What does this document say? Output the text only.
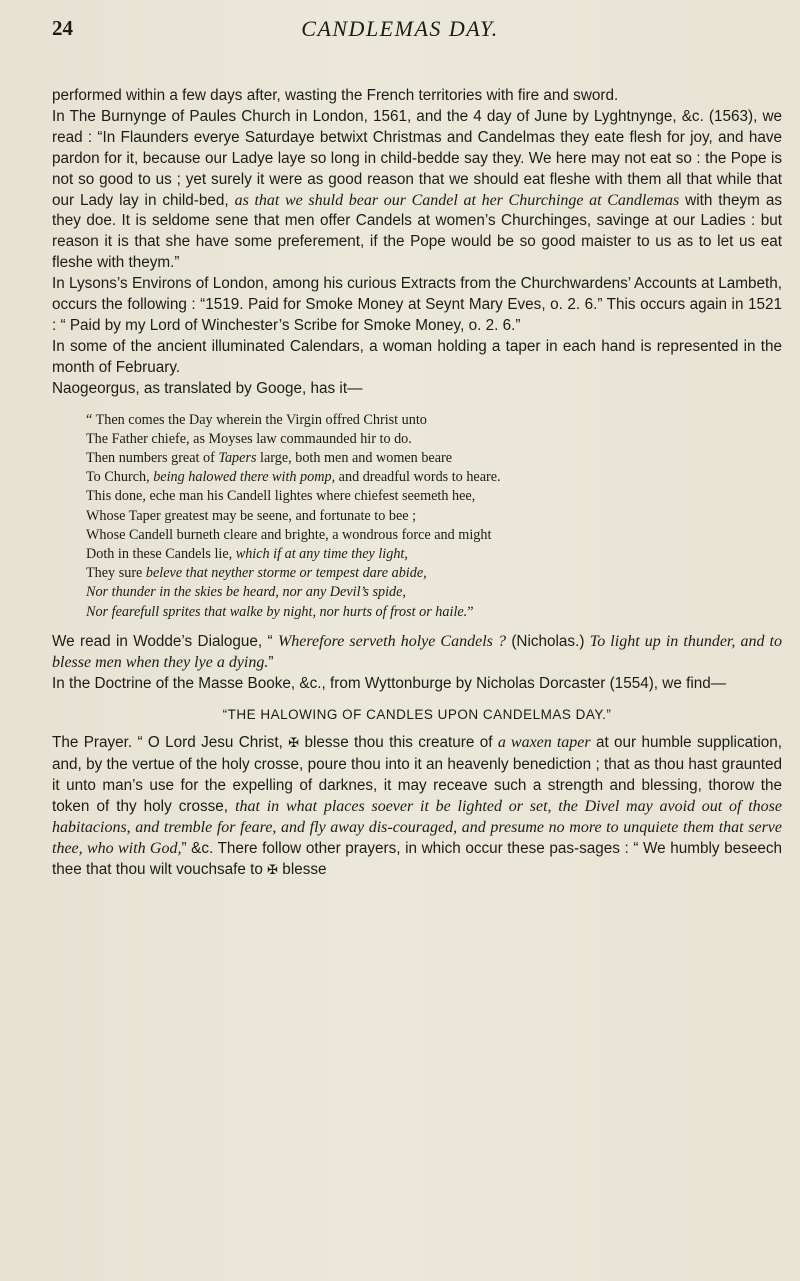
24	CANDLEMAS DAY.

performed within a few days after, wasting the French territories with fire and sword.

In The Burnynge of Paules Church in London, 1561, and the 4 day of June by Lyghtnynge, &c. (1563), we read : “In Flaunders everye Saturdaye betwixt Christmas and Candelmas they eate flesh for joy, and have pardon for it, because our Ladye laye so long in child-bedde say they. We here may not eat so : the Pope is not so good to us ; yet surely it were as good reason that we should eat fleshe with them all that while that our Lady lay in child-bed, as that we shuld bear our Candel at her Churchinge at Candlemas with theym as they doe. It is seldome sene that men offer Candels at women’s Churchinges, savinge at our Ladies : but reason it is that she have some preferement, if the Pope would be so good maister to us as to let us eat fleshe with theym.”

In Lysons’s Environs of London, among his curious Extracts from the Churchwardens’ Accounts at Lambeth, occurs the following : “1519. Paid for Smoke Money at Seynt Mary Eves, o. 2. 6.” This occurs again in 1521 : “ Paid by my Lord of Winchester’s Scribe for Smoke Money, o. 2. 6.”

In some of the ancient illuminated Calendars, a woman holding a taper in each hand is represented in the month of February.

Naogeorgus, as translated by Googe, has it—

“ Then comes the Day wherein the Virgin offred Christ unto
The Father chiefe, as Moyses law commaunded hir to do.
Then numbers great of Tapers large, both men and women beare
To Church, being halowed there with pomp, and dreadful words to heare.
This done, eche man his Candell lightes where chiefest seemeth hee,
Whose Taper greatest may be seene, and fortunate to bee ;
Whose Candell burneth cleare and brighte, a wondrous force and might
Doth in these Candels lie, which if at any time they light,
They sure beleve that neyther storme or tempest dare abide,
Nor thunder in the skies be heard, nor any Devil’s spide,
Nor fearefull sprites that walke by night, nor hurts of frost or haile.”

We read in Wodde’s Dialogue, “ Wherefore serveth holye Candels ? (Nicholas.) To light up in thunder, and to blesse men when they lye a dying.”

In the Doctrine of the Masse Booke, &c., from Wyttonburge by Nicholas Dorcaster (1554), we find—

“THE HALOWING OF CANDLES UPON CANDELMAS DAY.”

The Prayer. “ O Lord Jesu Christ, ✠ blesse thou this creature of a waxen taper at our humble supplication, and, by the vertue of the holy crosse, poure thou into it an heavenly benediction ; that as thou hast graunted it unto man’s use for the expelling of darknes, it may receave such a strength and blessing, thorow the token of thy holy crosse, that in what places soever it be lighted or set, the Divel may avoid out of those habitacions, and tremble for feare, and fly away dis-couraged, and presume no more to unquiete them that serve thee, who with God,” &c. There follow other prayers, in which occur these pas-sages : “ We humbly beseech thee that thou wilt vouchsafe to ✠ blesse
